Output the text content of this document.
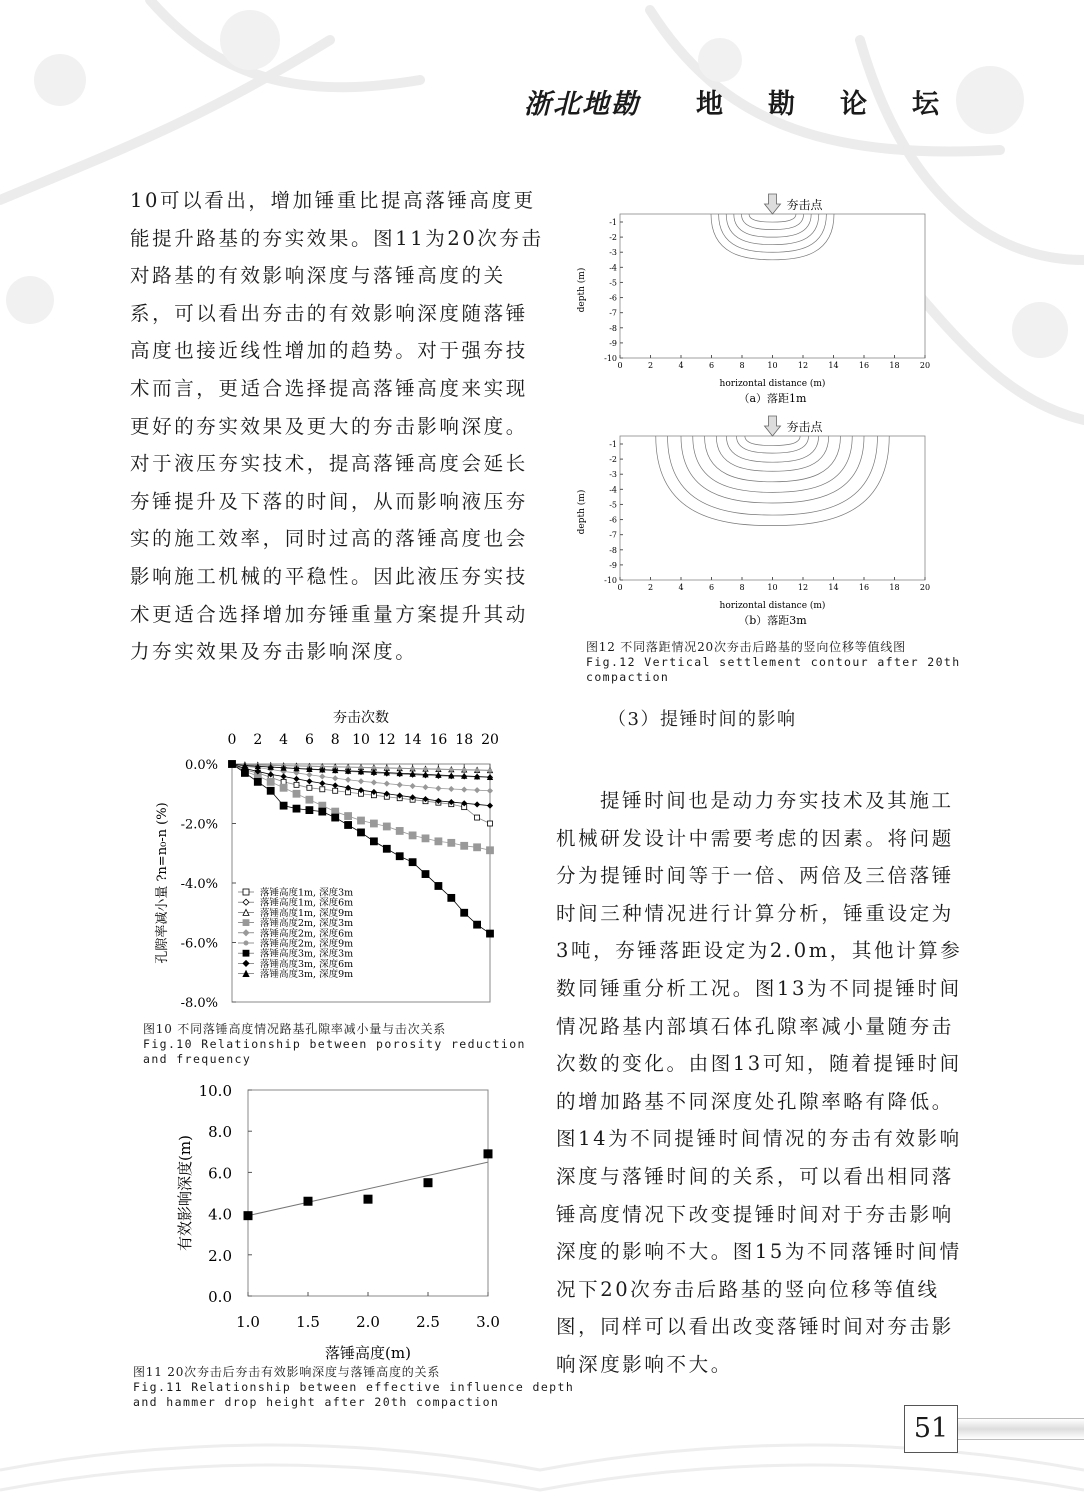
浙北地勘 地 勘 论 坛
10可以看出，增加锤重比提高落锤高度更
能提升路基的夯实效果。图11为20次夯击
对路基的有效影响深度与落锤高度的关
系，可以看出夯击的有效影响深度随落锤
高度也接近线性增加的趋势。对于强夯技
术而言，更适合选择提高落锤高度来实现
更好的夯实效果及更大的夯击影响深度。
对于液压夯实技术，提高落锤高度会延长
夯锤提升及下落的时间，从而影响液压夯
实的施工效率，同时过高的落锤高度也会
影响施工机械的平稳性。因此液压夯实技
术更适合选择增加夯锤重量方案提升其动
力夯实效果及夯击影响深度。
-1
-2
-3
-4
-5
-6
-7
-8
-9
-10
0	2	4	6	8	10	12	14	16	18	20
horizontal distance (m)
（a）落距1m
depth (m)
夯击点
-1
-2
-3
-4
-5
-6
-7
-8
-9
-10
0	2	4	6	8	10	12	14	16	18	20
horizontal distance (m)
（b）落距3m
depth (m)
夯击点
图12 不同落距情况20次夯击后路基的竖向位移等值线图
Fig.12 Vertical settlement contour after 20th
compaction
夯击次数
0 2 4 6 8 10 12 14 16 18 20
0.0%
-2.0%
-4.0%
-6.0%
-8.0%
孔隙率减小量 ?n=n₀-n (%)	落锤高度1m, 深度3m
落锤高度1m, 深度6m
落锤高度1m, 深度9m
落锤高度2m, 深度3m
落锤高度2m, 深度6m
落锤高度2m, 深度9m
落锤高度3m, 深度3m
落锤高度3m, 深度6m
落锤高度3m, 深度9m
图10 不同落锤高度情况路基孔隙率减小量与击次关系
Fig.10 Relationship between porosity reduction
and frequency
0.0
2.0
4.0
6.0
8.0
10.0
1.0 1.5 2.0 2.5 3.0
落锤高度(m)
有效影响深度(m)
图11 20次夯击后夯击有效影响深度与落锤高度的关系
Fig.11 Relationship between effective influence depth
and hammer drop height after 20th compaction
（3）提锤时间的影响
提锤时间也是动力夯实技术及其施工
机械研发设计中需要考虑的因素。将问题
分为提锤时间等于一倍、两倍及三倍落锤
时间三种情况进行计算分析，锤重设定为
3吨，夯锤落距设定为2.0m，其他计算参
数同锤重分析工况。图13为不同提锤时间
情况路基内部填石体孔隙率减小量随夯击
次数的变化。由图13可知，随着提锤时间
的增加路基不同深度处孔隙率略有降低。
图14为不同提锤时间情况的夯击有效影响
深度与落锤时间的关系，可以看出相同落
锤高度情况下改变提锤时间对于夯击影响
深度的影响不大。图15为不同落锤时间情
况下20次夯击后路基的竖向位移等值线
图，同样可以看出改变落锤时间对夯击影
响深度影响不大。
51
